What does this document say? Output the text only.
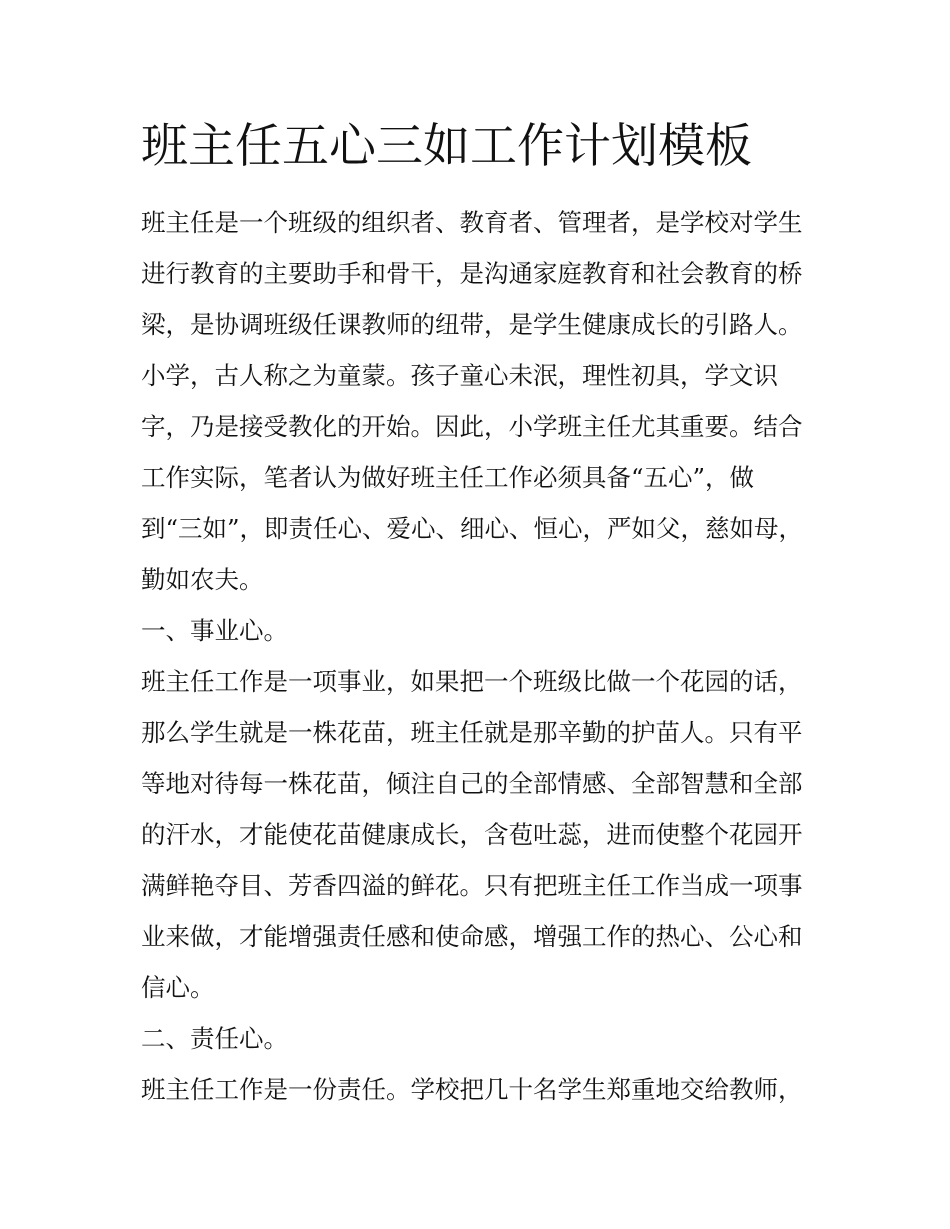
班主任五心三如工作计划模板

班主任是一个班级的组织者、教育者、管理者，是学校对学生

进行教育的主要助手和骨干，是沟通家庭教育和社会教育的桥

梁，是协调班级任课教师的纽带，是学生健康成长的引路人。

小学，古人称之为童蒙。孩子童心未泯，理性初具，学文识

字，乃是接受教化的开始。因此，小学班主任尤其重要。结合

工作实际，笔者认为做好班主任工作必须具备“五心”，做

到“三如”，即责任心、爱心、细心、恒心，严如父，慈如母，

勤如农夫。

一、事业心。

班主任工作是一项事业，如果把一个班级比做一个花园的话，

那么学生就是一株花苗，班主任就是那辛勤的护苗人。只有平

等地对待每一株花苗，倾注自己的全部情感、全部智慧和全部

的汗水，才能使花苗健康成长，含苞吐蕊，进而使整个花园开

满鲜艳夺目、芳香四溢的鲜花。只有把班主任工作当成一项事

业来做，才能增强责任感和使命感，增强工作的热心、公心和

信心。

二、责任心。

班主任工作是一份责任。学校把几十名学生郑重地交给教师，
